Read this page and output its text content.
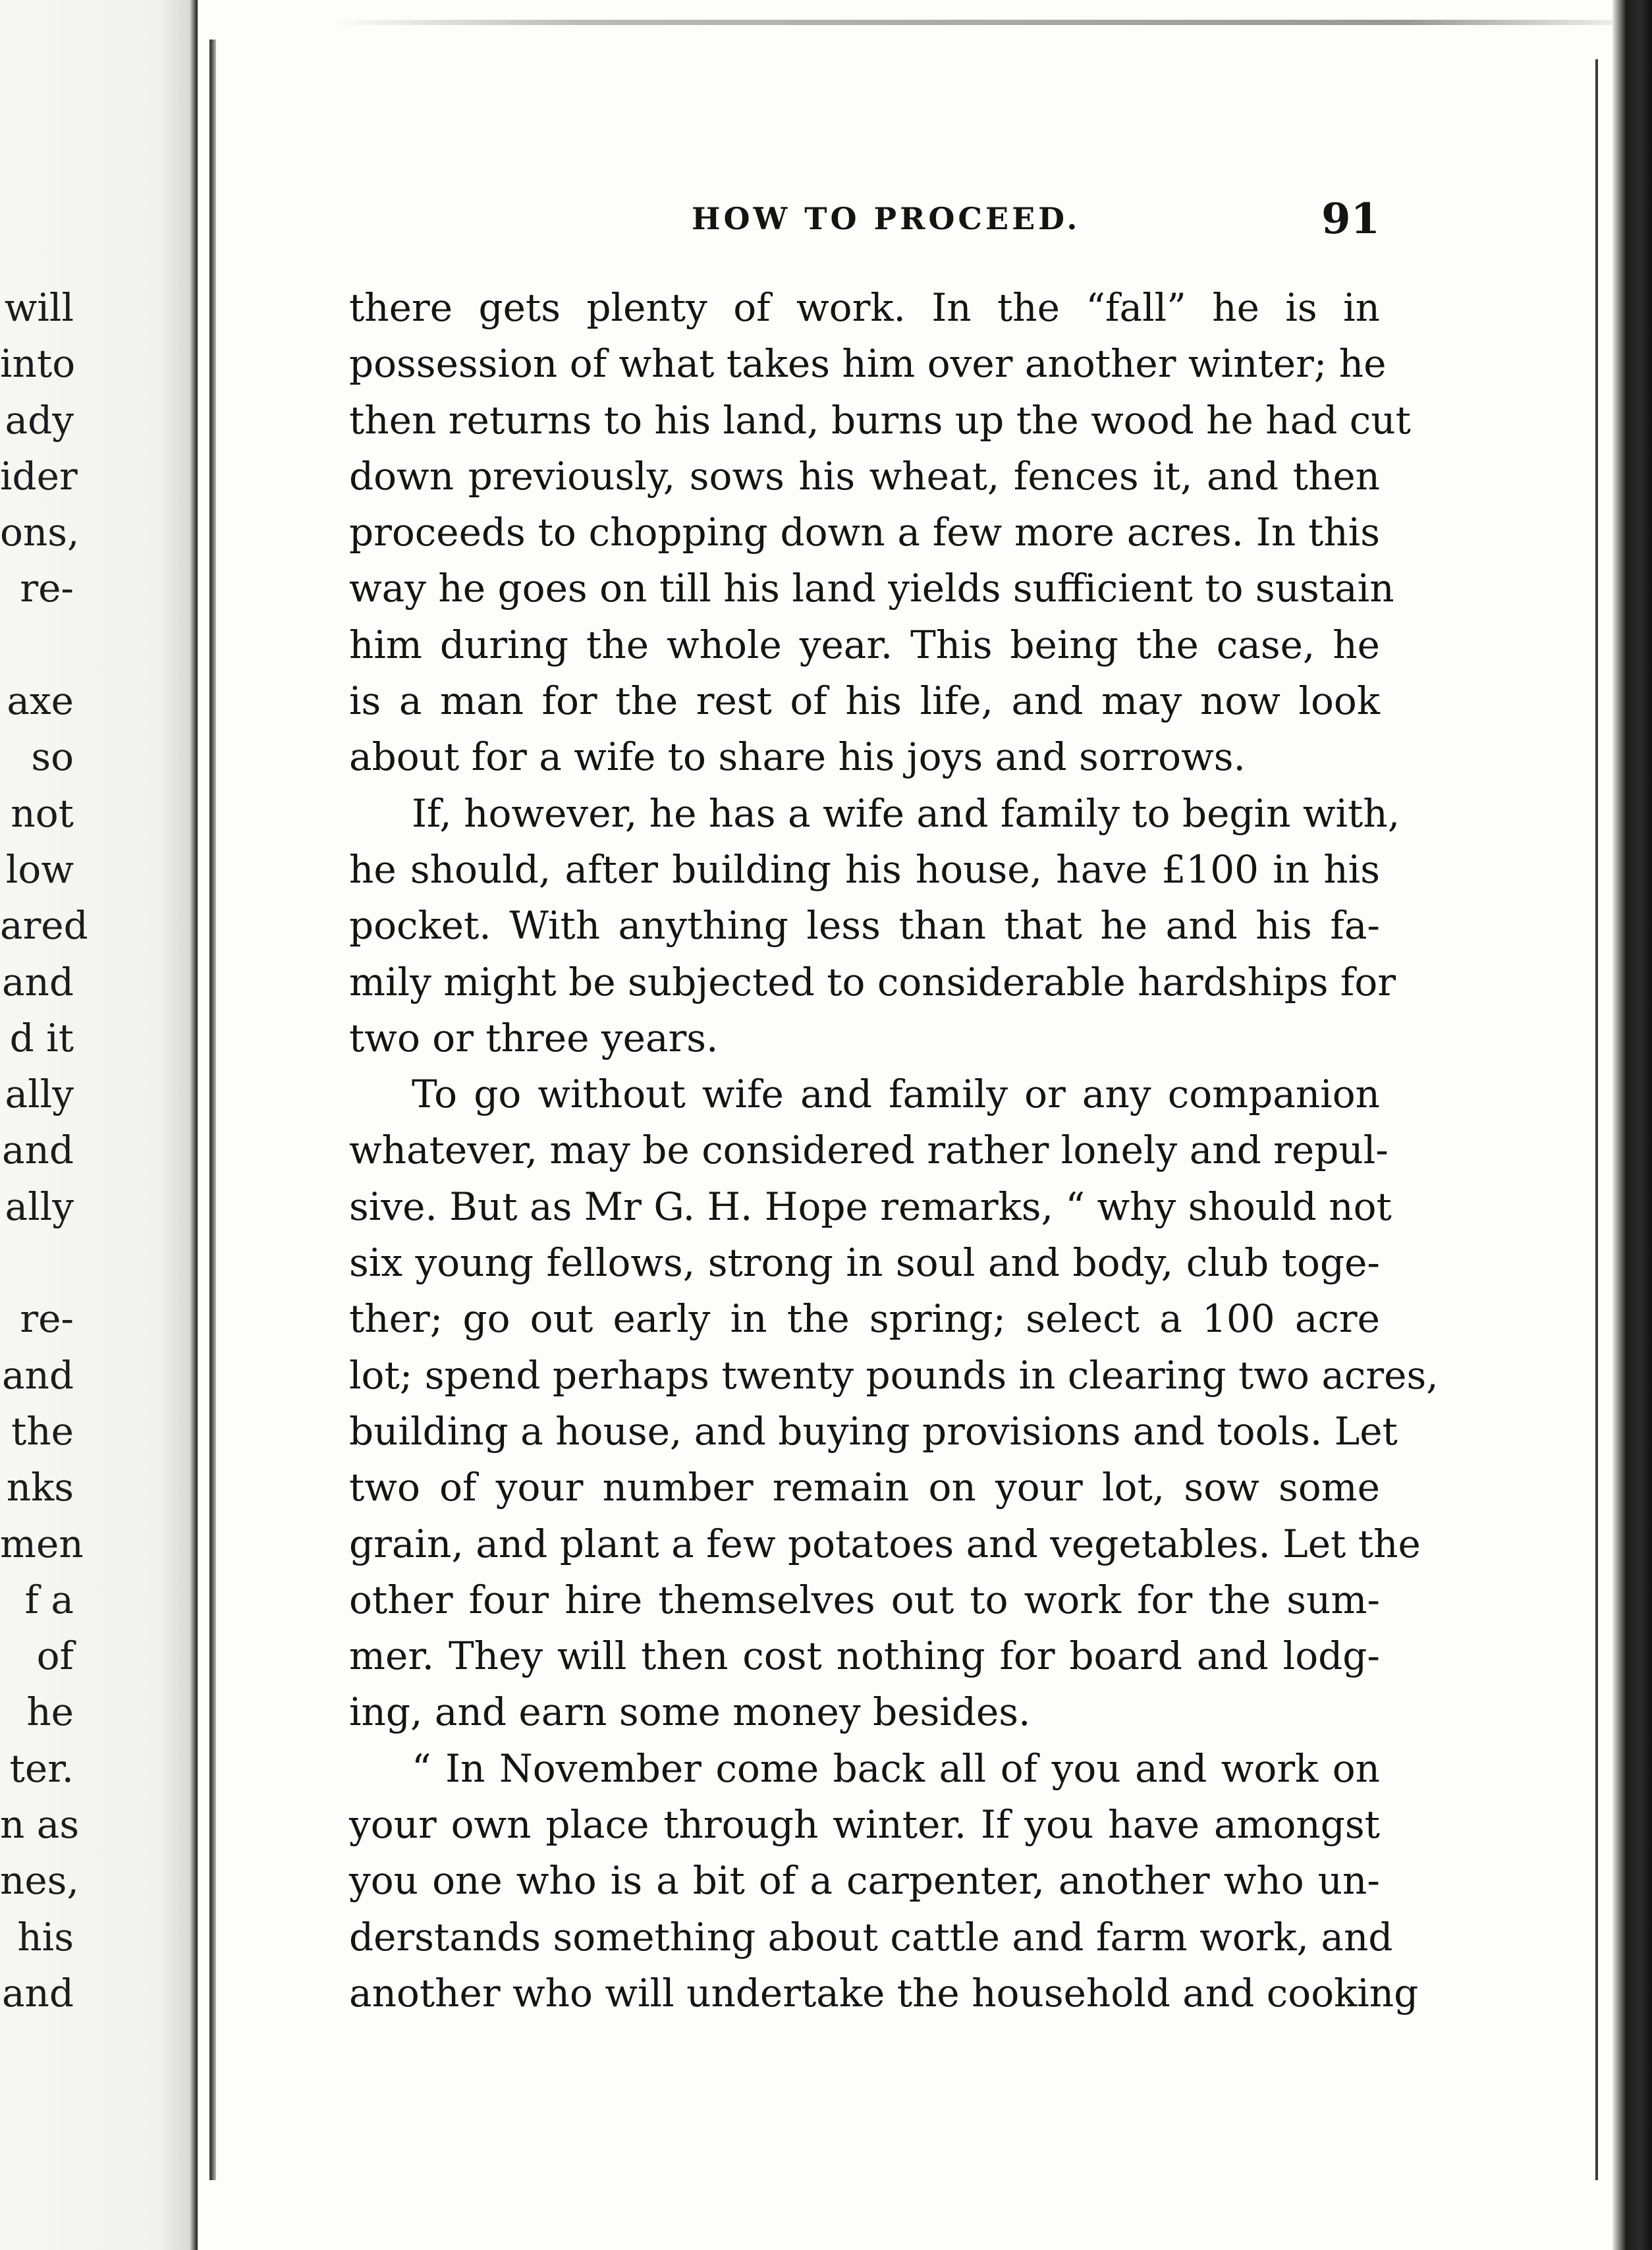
will
into
ady
ider
ons,
re-
axe
so
not
low
ared
and
d it
ally
and
ally
re-
and
the
nks
men
f a
of
he
ter.
n as
nes,
his
and
HOW TO PROCEED.	91
there gets plenty of work. In the “fall” he is in
possession of what takes him over another winter; he
then returns to his land, burns up the wood he had cut
down previously, sows his wheat, fences it, and then
proceeds to chopping down a few more acres. In this
way he goes on till his land yields sufficient to sustain
him during the whole year. This being the case, he
is a man for the rest of his life, and may now look
about for a wife to share his joys and sorrows.
If, however, he has a wife and family to begin with,
he should, after building his house, have £100 in his
pocket. With anything less than that he and his fa-
mily might be subjected to considerable hardships for
two or three years.
To go without wife and family or any companion
whatever, may be considered rather lonely and repul-
sive. But as Mr G. H. Hope remarks, “ why should not
six young fellows, strong in soul and body, club toge-
ther; go out early in the spring; select a 100 acre
lot; spend perhaps twenty pounds in clearing two acres,
building a house, and buying provisions and tools. Let
two of your number remain on your lot, sow some
grain, and plant a few potatoes and vegetables. Let the
other four hire themselves out to work for the sum-
mer. They will then cost nothing for board and lodg-
ing, and earn some money besides.
“ In November come back all of you and work on
your own place through winter. If you have amongst
you one who is a bit of a carpenter, another who un-
derstands something about cattle and farm work, and
another who will undertake the household and cooking
